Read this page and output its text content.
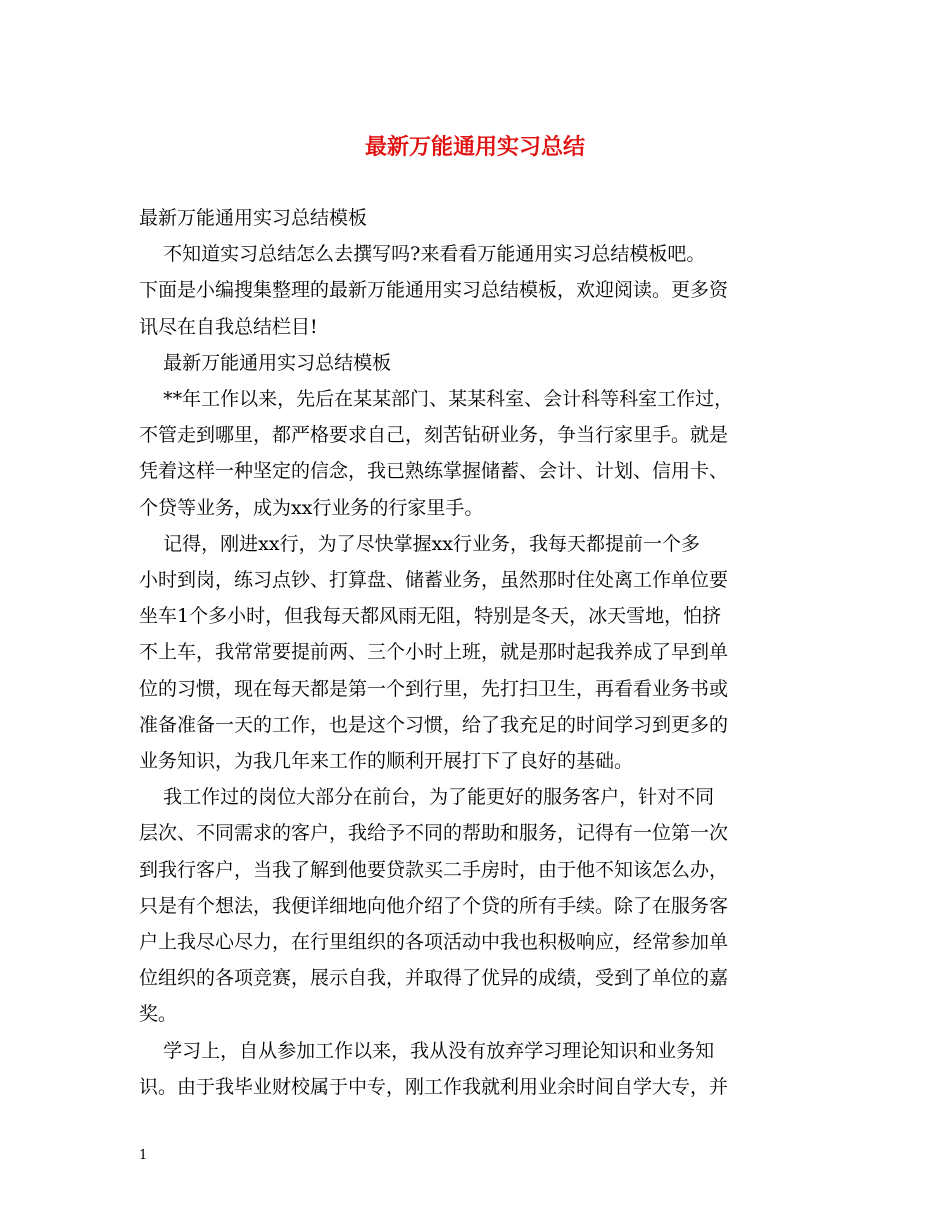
最新万能通用实习总结
最新万能通用实习总结模板
不知道实习总结怎么去撰写吗?来看看万能通用实习总结模板吧。
下面是小编搜集整理的最新万能通用实习总结模板，欢迎阅读。更多资
讯尽在自我总结栏目!
最新万能通用实习总结模板
**年工作以来，先后在某某部门、某某科室、会计科等科室工作过，
不管走到哪里，都严格要求自己，刻苦钻研业务，争当行家里手。就是
凭着这样一种坚定的信念，我已熟练掌握储蓄、会计、计划、信用卡、
个贷等业务，成为xx行业务的行家里手。
记得，刚进xx行，为了尽快掌握xx行业务，我每天都提前一个多
小时到岗，练习点钞、打算盘、储蓄业务，虽然那时住处离工作单位要
坐车1个多小时，但我每天都风雨无阻，特别是冬天，冰天雪地，怕挤
不上车，我常常要提前两、三个小时上班，就是那时起我养成了早到单
位的习惯，现在每天都是第一个到行里，先打扫卫生，再看看业务书或
准备准备一天的工作，也是这个习惯，给了我充足的时间学习到更多的
业务知识，为我几年来工作的顺利开展打下了良好的基础。
我工作过的岗位大部分在前台，为了能更好的服务客户，针对不同
层次、不同需求的客户，我给予不同的帮助和服务，记得有一位第一次
到我行客户，当我了解到他要贷款买二手房时，由于他不知该怎么办，
只是有个想法，我便详细地向他介绍了个贷的所有手续。除了在服务客
户上我尽心尽力，在行里组织的各项活动中我也积极响应，经常参加单
位组织的各项竞赛，展示自我，并取得了优异的成绩，受到了单位的嘉
奖。
学习上，自从参加工作以来，我从没有放弃学习理论知识和业务知
识。由于我毕业财校属于中专，刚工作我就利用业余时间自学大专，并
1
